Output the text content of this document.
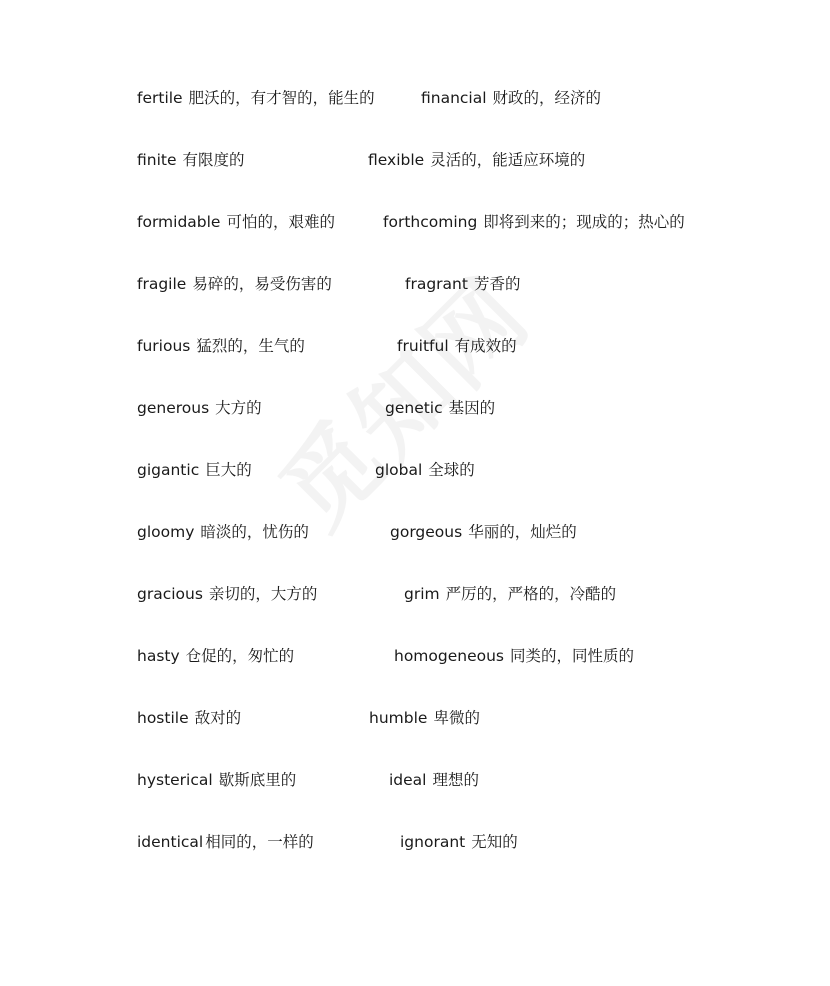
fertile 肥沃的，有才智的，能生的	financial 财政的，经济的
finite 有限度的	flexible 灵活的，能适应环境的
formidable 可怕的，艰难的	forthcoming 即将到来的；现成的；热心的
fragile 易碎的，易受伤害的	fragrant 芳香的
furious 猛烈的，生气的	fruitful 有成效的
generous 大方的	genetic 基因的
gigantic 巨大的	global 全球的
gloomy 暗淡的，忧伤的	gorgeous 华丽的，灿烂的
gracious 亲切的，大方的	grim 严厉的，严格的，冷酷的
hasty 仓促的，匆忙的	homogeneous 同类的，同性质的
hostile 敌对的	humble 卑微的
hysterical 歇斯底里的	ideal 理想的
identical 相同的，一样的	ignorant 无知的
